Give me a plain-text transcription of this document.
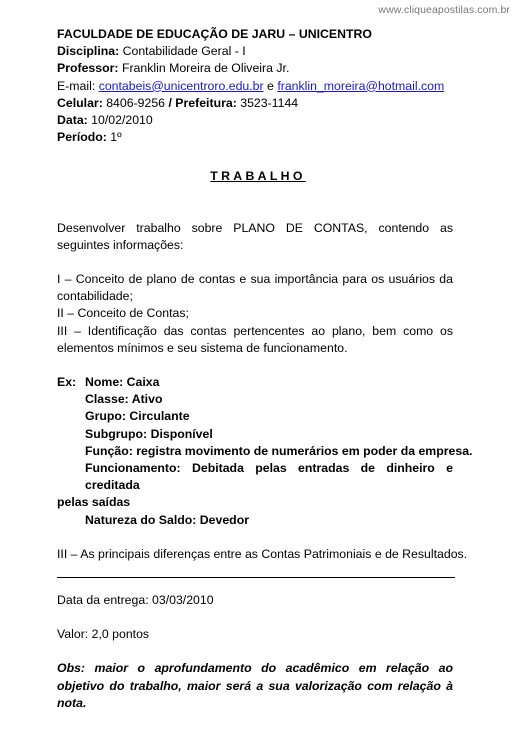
www.cliqueapostilas.com.br
FACULDADE DE EDUCAÇÃO DE JARU – UNICENTRO
Disciplina: Contabilidade Geral - I
Professor: Franklin Moreira de Oliveira Jr.
E-mail: contabeis@unicentroro.edu.br e franklin_moreira@hotmail.com
Celular: 8406-9256 / Prefeitura: 3523-1144
Data: 10/02/2010
Período: 1º
TRABALHO
Desenvolver trabalho sobre PLANO DE CONTAS, contendo as seguintes informações:
I – Conceito de plano de contas e sua importância para os usuários da contabilidade;
II – Conceito de Contas;
III – Identificação das contas pertencentes ao plano, bem como os elementos mínimos e seu sistema de funcionamento.
Ex: Nome: Caixa
Classe: Ativo
Grupo: Circulante
Subgrupo: Disponível
Função: registra movimento de numerários em poder da empresa.
Funcionamento: Debitada pelas entradas de dinheiro e creditada
pelas saídas
Natureza do Saldo: Devedor
III – As principais diferenças entre as Contas Patrimoniais e de Resultados.
Data da entrega: 03/03/2010
Valor: 2,0 pontos
Obs: maior o aprofundamento do acadêmico em relação ao objetivo do trabalho, maior será a sua valorização com relação à nota.
